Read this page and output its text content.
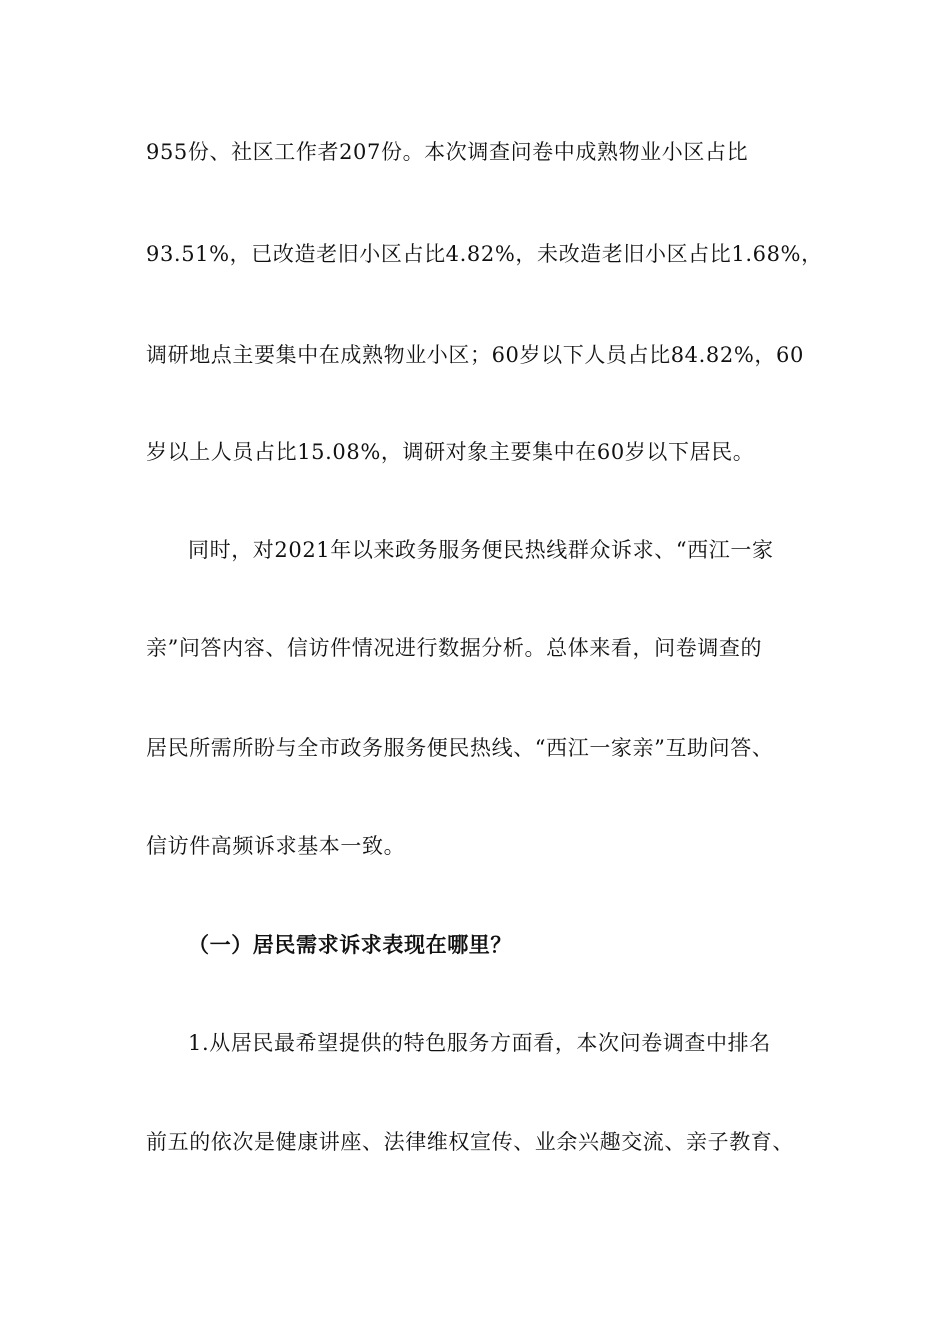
955份、社区工作者207份。本次调查问卷中成熟物业小区占比
93.51%，已改造老旧小区占比4.82%，未改造老旧小区占比1.68%，
调研地点主要集中在成熟物业小区；60岁以下人员占比84.82%，60
岁以上人员占比15.08%，调研对象主要集中在60岁以下居民。
同时，对2021年以来政务服务便民热线群众诉求、“西江一家
亲”问答内容、信访件情况进行数据分析。总体来看，问卷调查的
居民所需所盼与全市政务服务便民热线、“西江一家亲”互助问答、
信访件高频诉求基本一致。
（一）居民需求诉求表现在哪里？
1.从居民最希望提供的特色服务方面看，本次问卷调查中排名
前五的依次是健康讲座、法律维权宣传、业余兴趣交流、亲子教育、
